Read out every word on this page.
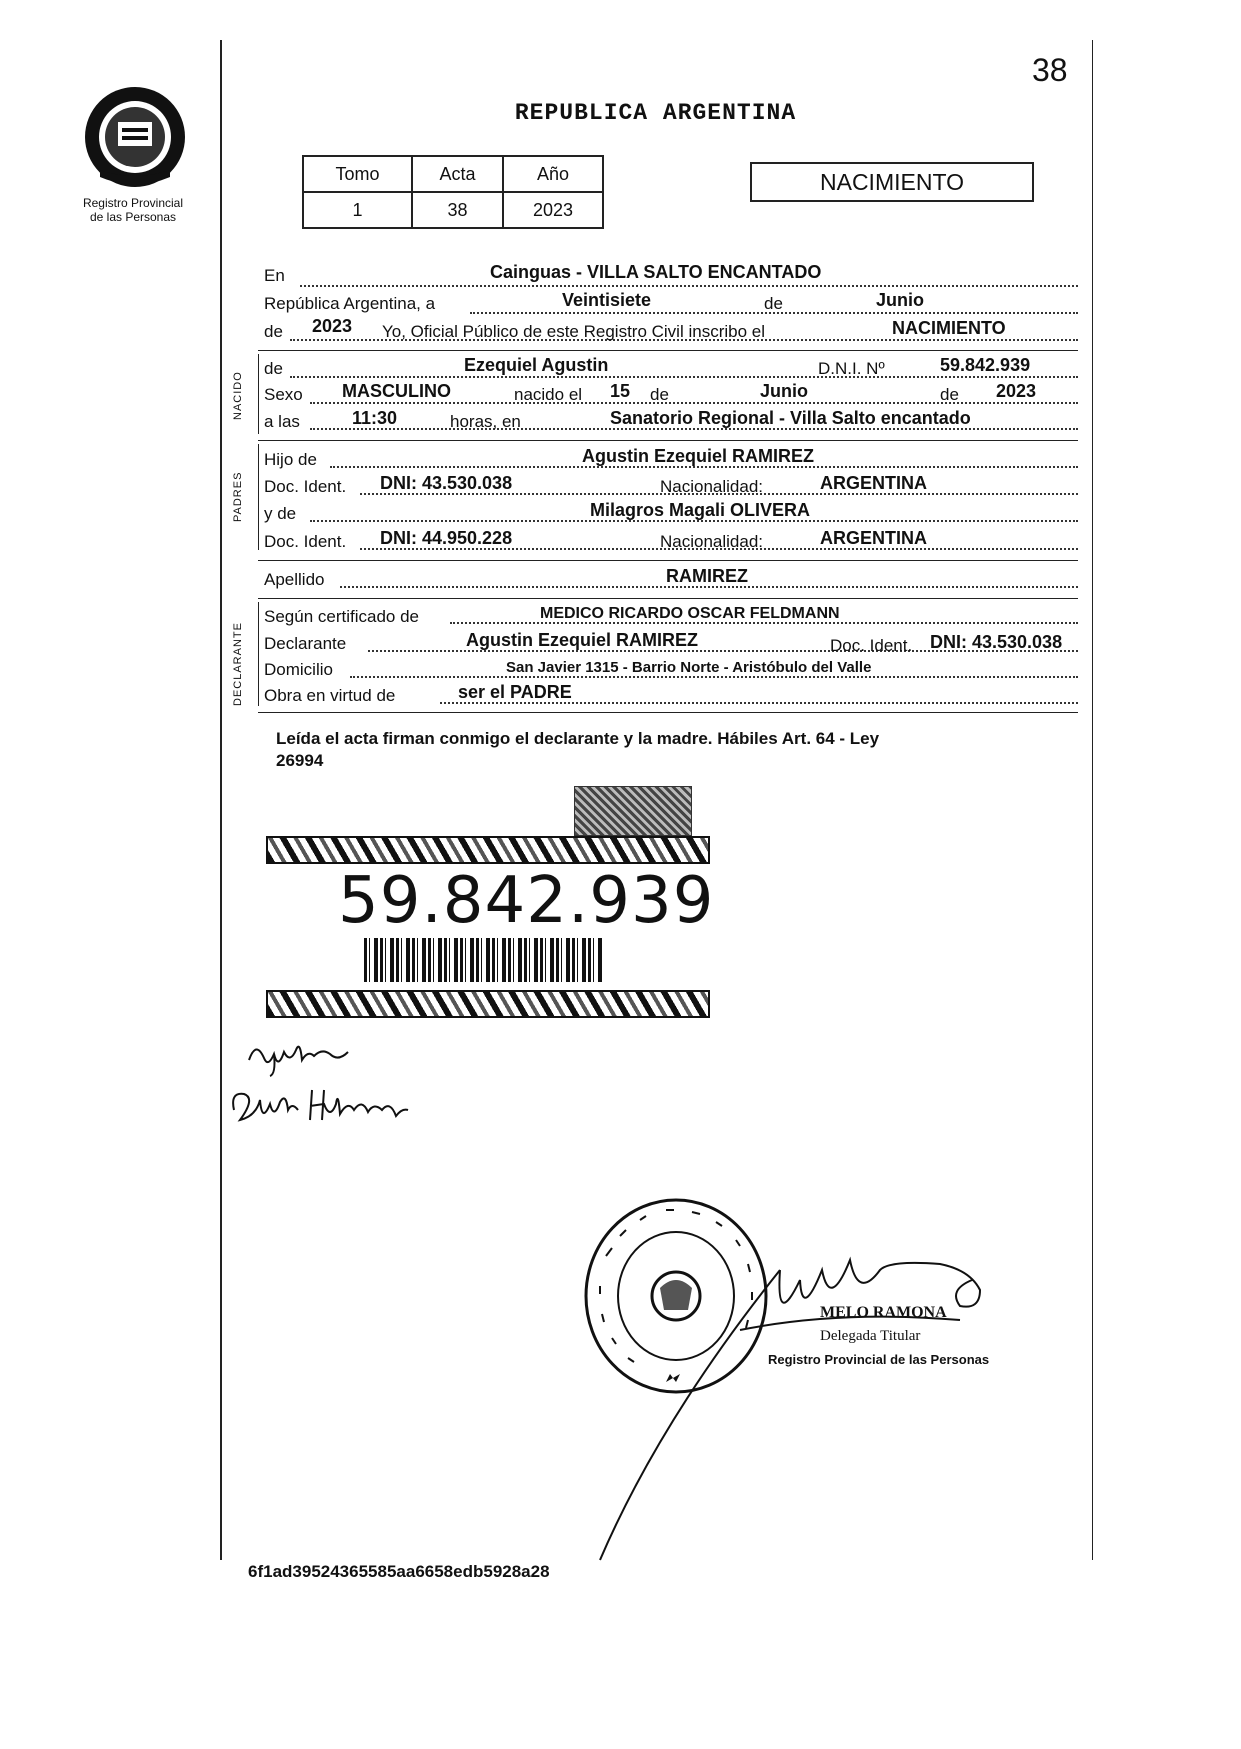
38
Registro Provincial
de las Personas
REPUBLICA ARGENTINA
Tomo	Acta	Año
1	38	2023
NACIMIENTO
En	Cainguas - VILLA SALTO ENCANTADO
República Argentina, a	Veintisiete	de	Junio
de 2023 Yo, Oficial Público de este Registro Civil inscribo el	NACIMIENTO
NACIDO
de	Ezequiel Agustin	D.N.I. Nº	59.842.939
Sexo MASCULINO	nacido el 15 de	Junio	de 2023
a las	11:30	horas, en	Sanatorio Regional - Villa Salto encantado
PADRES
Hijo de	Agustin Ezequiel RAMIREZ
Doc. Ident. DNI: 43.530.038	Nacionalidad:	ARGENTINA
y de	Milagros Magali OLIVERA
Doc. Ident. DNI: 44.950.228	Nacionalidad:	ARGENTINA
Apellido	RAMIREZ
DECLARANTE
Según certificado de	MEDICO RICARDO OSCAR FELDMANN
Declarante	Agustin Ezequiel RAMIREZ	Doc. Ident. DNI: 43.530.038
Domicilio	San Javier 1315 - Barrio Norte - Aristóbulo del Valle
Obra en virtud de	ser el PADRE
Leída el acta firman conmigo el declarante y la madre. Hábiles Art. 64 - Ley
26994
59.842.939
MELO RAMONA
Delegada Titular
Registro Provincial de las Personas
6f1ad39524365585aa6658edb5928a28
